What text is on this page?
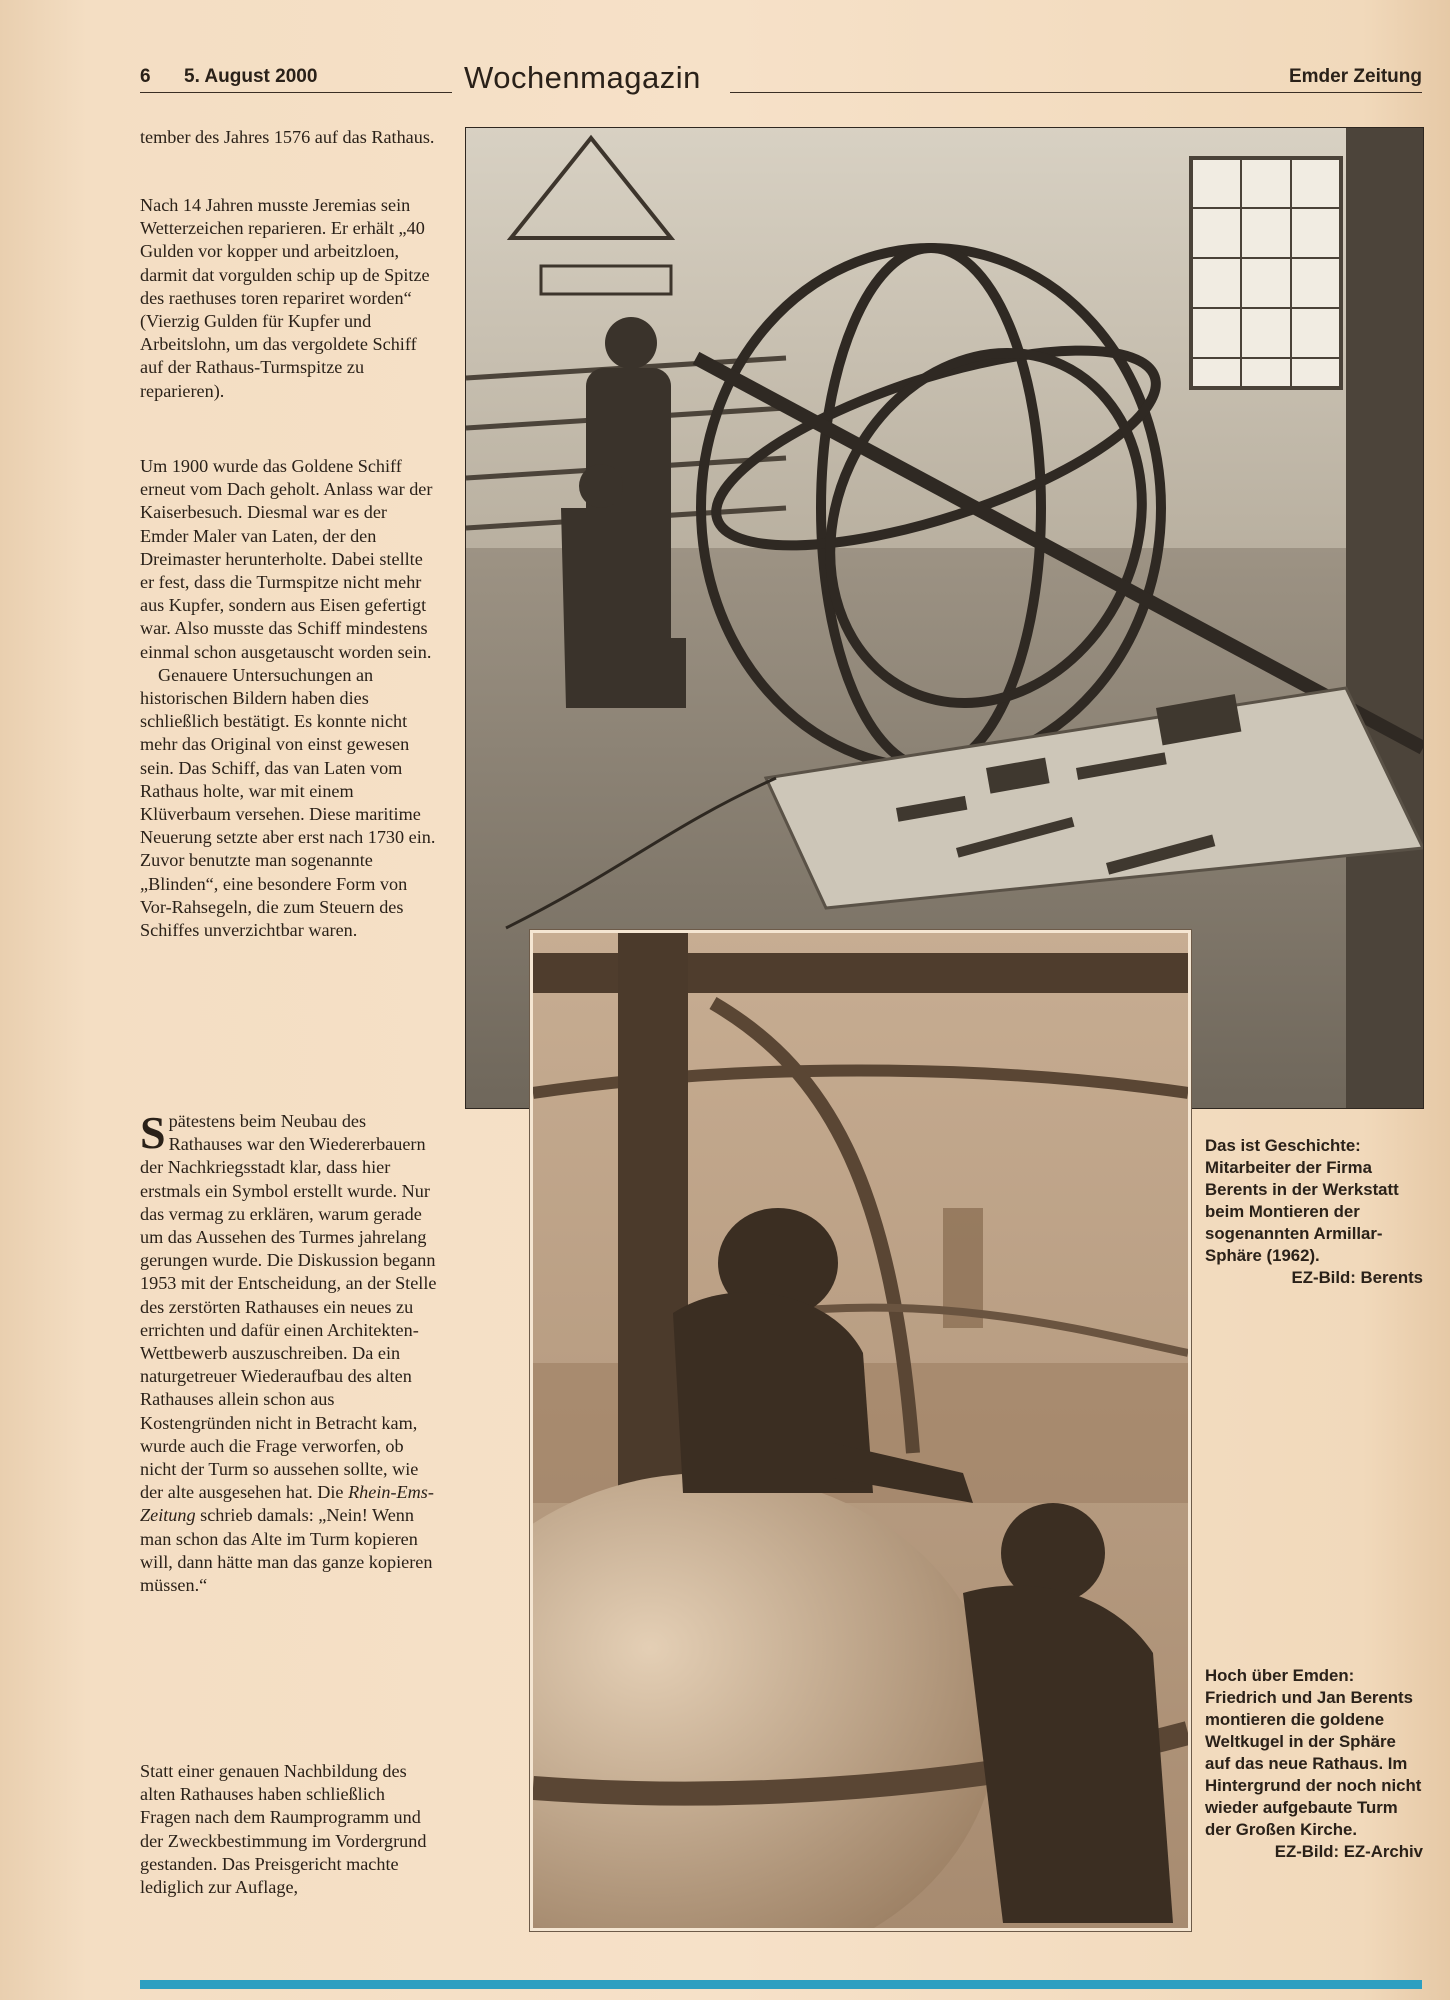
6 5. August 2000	Wochenmagazin	Emder Zeitung

tember des Jahres 1576 auf das Rathaus.

Nach 14 Jahren musste Jeremias sein Wetterzeichen reparieren. Er erhält „40 Gulden vor kopper und arbeitzloen, darmit dat vorgulden schip up de Spitze des raethuses toren repariret worden“ (Vierzig Gulden für Kupfer und Arbeitslohn, um das vergoldete Schiff auf der Rathaus-Turmspitze zu reparieren).

Um 1900 wurde das Goldene Schiff erneut vom Dach geholt. Anlass war der Kaiserbesuch. Diesmal war es der Emder Maler van Laten, der den Dreimaster herunterholte. Dabei stellte er fest, dass die Turmspitze nicht mehr aus Kupfer, sondern aus Eisen gefertigt war. Also musste das Schiff mindestens einmal schon ausgetauscht worden sein.

Genauere Untersuchungen an historischen Bildern haben dies schließlich bestätigt. Es konnte nicht mehr das Original von einst gewesen sein. Das Schiff, das van Laten vom Rathaus holte, war mit einem Klüverbaum versehen. Diese maritime Neuerung setzte aber erst nach 1730 ein. Zuvor benutzte man sogenannte „Blinden“, eine besondere Form von Vor-Rahsegeln, die zum Steuern des Schiffes unverzichtbar waren.

Spätestens beim Neubau des Rathauses war den Wiedererbauern der Nachkriegsstadt klar, dass hier erstmals ein Symbol erstellt wurde. Nur das vermag zu erklären, warum gerade um das Aussehen des Turmes jahrelang gerungen wurde. Die Diskussion begann 1953 mit der Entscheidung, an der Stelle des zerstörten Rathauses ein neues zu errichten und dafür einen Architekten-Wettbewerb auszuschreiben. Da ein naturgetreuer Wiederaufbau des alten Rathauses allein schon aus Kostengründen nicht in Betracht kam, wurde auch die Frage verworfen, ob nicht der Turm so aussehen sollte, wie der alte ausgesehen hat. Die Rhein-Ems-Zeitung schrieb damals: „Nein! Wenn man schon das Alte im Turm kopieren will, dann hätte man das ganze kopieren müssen.“

Statt einer genauen Nachbildung des alten Rathauses haben schließlich Fragen nach dem Raumprogramm und der Zweckbestimmung im Vordergrund gestanden. Das Preisgericht machte lediglich zur Auflage,

Das ist Geschichte: Mitarbeiter der Firma Berents in der Werkstatt beim Montieren der sogenannten Armillar-Sphäre (1962).
EZ-Bild: Berents
Hoch über Emden: Friedrich und Jan Berents montieren die goldene Weltkugel in der Sphäre auf das neue Rathaus. Im Hintergrund der noch nicht wieder aufgebaute Turm der Großen Kirche.
EZ-Bild: EZ-Archiv
